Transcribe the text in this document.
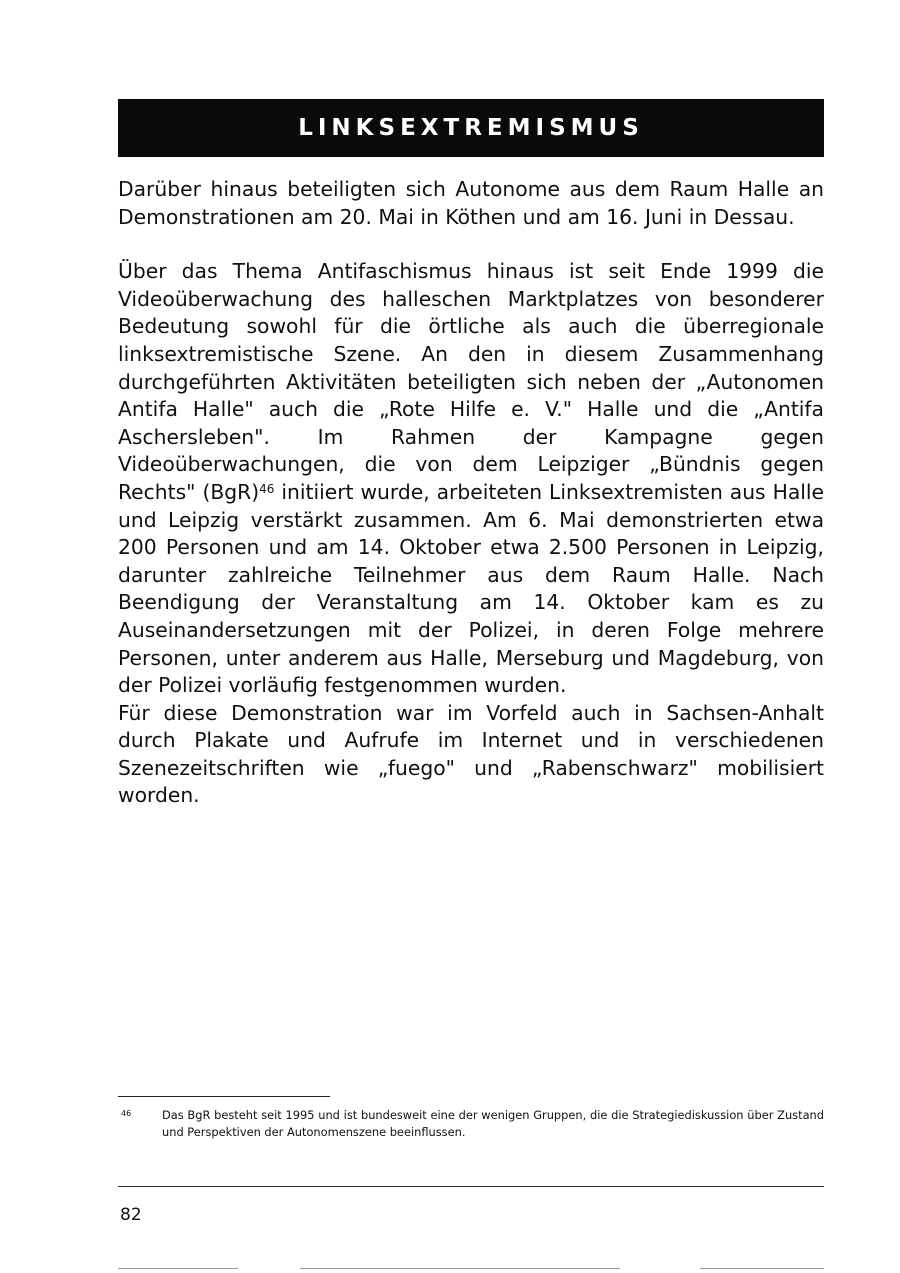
LINKSEXTREMISMUS

Darüber hinaus beteiligten sich Autonome aus dem Raum Halle an Demonstrationen am 20. Mai in Köthen und am 16. Juni in Dessau.

Über das Thema Antifaschismus hinaus ist seit Ende 1999 die Videoüberwachung des halleschen Marktplatzes von besonderer Bedeutung sowohl für die örtliche als auch die überregionale linksextremistische Szene. An den in diesem Zusammenhang durchgeführten Aktivitäten beteiligten sich neben der „Autonomen Antifa Halle" auch die „Rote Hilfe e. V." Halle und die „Antifa Aschersleben". Im Rahmen der Kampagne gegen Videoüberwachungen, die von dem Leipziger „Bündnis gegen Rechts" (BgR)$^{46}$ initiiert wurde, arbeiteten Linksextremisten aus Halle und Leipzig verstärkt zusammen. Am 6. Mai demonstrierten etwa 200 Personen und am 14. Oktober etwa 2.500 Personen in Leipzig, darunter zahlreiche Teilnehmer aus dem Raum Halle. Nach Beendigung der Veranstaltung am 14. Oktober kam es zu Auseinandersetzungen mit der Polizei, in deren Folge mehrere Personen, unter anderem aus Halle, Merseburg und Magdeburg, von der Polizei vorläufig festgenommen wurden.

Für diese Demonstration war im Vorfeld auch in Sachsen-Anhalt durch Plakate und Aufrufe im Internet und in verschiedenen Szenezeitschriften wie „fuego" und „Rabenschwarz" mobilisiert worden.

46	Das BgR besteht seit 1995 und ist bundesweit eine der wenigen Gruppen, die die Strategiediskussion über Zustand und Perspektiven der Autonomenszene beeinflussen.
82
